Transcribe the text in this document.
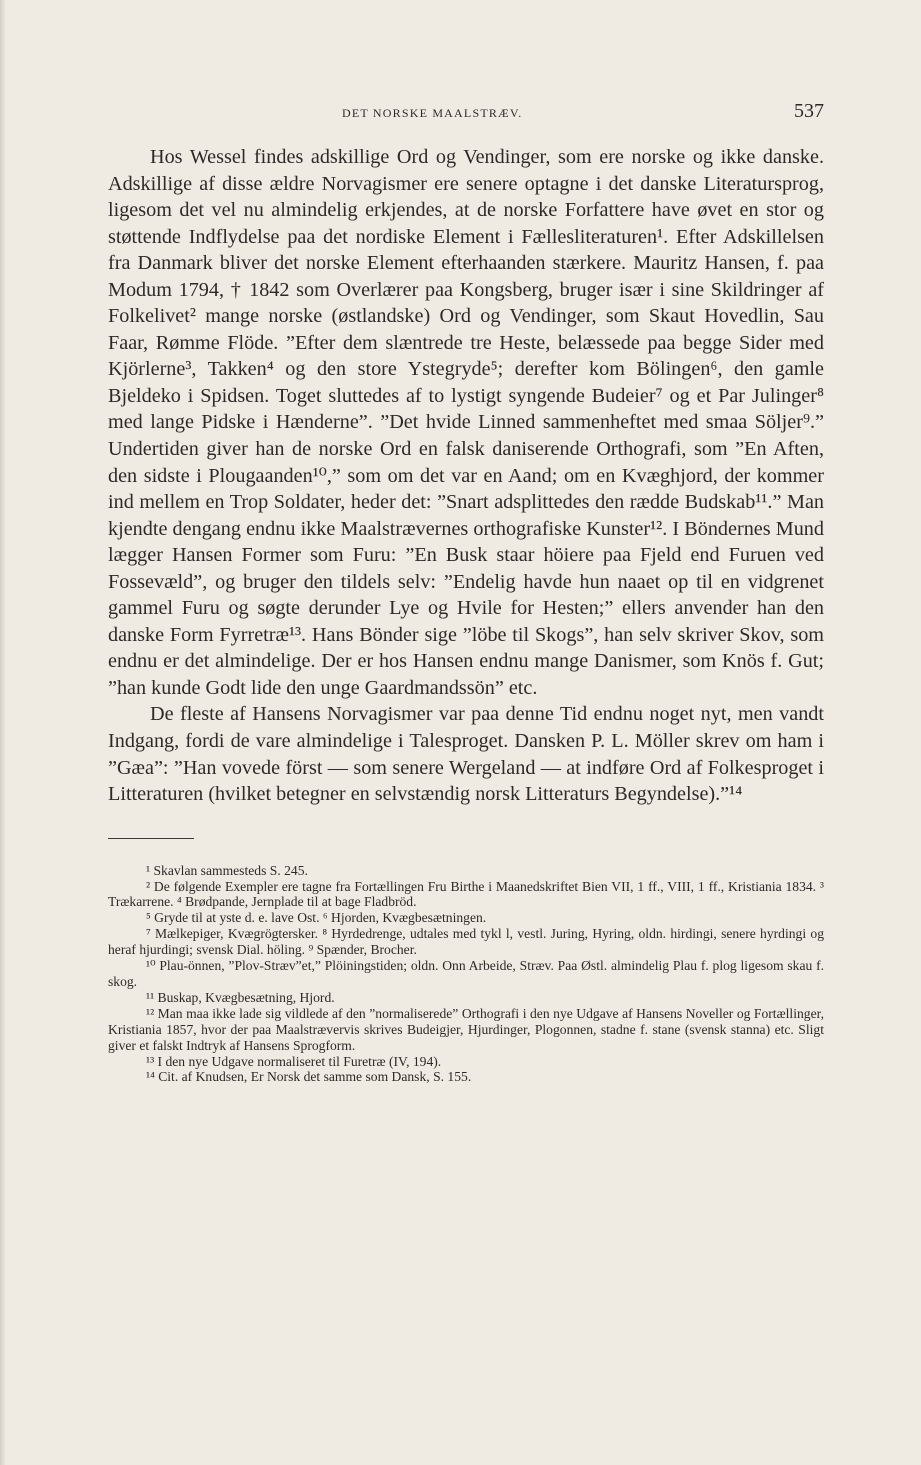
DET NORSKE MAALSTRÆV.	537

Hos Wessel findes adskillige Ord og Vendinger, som ere norske og ikke danske. Adskillige af disse ældre Norvagismer ere senere optagne i det danske Literatursprog, ligesom det vel nu almindelig erkjendes, at de norske Forfattere have øvet en stor og støttende Indflydelse paa det nordiske Element i Fællesliteraturen¹. Efter Adskillelsen fra Danmark bliver det norske Element efterhaanden stærkere. Mauritz Hansen, f. paa Modum 1794, † 1842 som Overlærer paa Kongsberg, bruger især i sine Skildringer af Folkelivet² mange norske (østlandske) Ord og Vendinger, som Skaut Hovedlin, Sau Faar, Rømme Flöde. ”Efter dem slæntrede tre Heste, belæssede paa begge Sider med Kjörlerne³, Takken⁴ og den store Ystegryde⁵; derefter kom Bölingen⁶, den gamle Bjeldeko i Spidsen. Toget sluttedes af to lystigt syngende Budeier⁷ og et Par Julinger⁸ med lange Pidske i Hænderne”. ”Det hvide Linned sammenheftet med smaa Söljer⁹.” Undertiden giver han de norske Ord en falsk daniserende Orthografi, som ”En Aften, den sidste i Plougaanden¹⁰,” som om det var en Aand; om en Kvæghjord, der kommer ind mellem en Trop Soldater, heder det: ”Snart adsplittedes den rædde Budskab¹¹.” Man kjendte dengang endnu ikke Maalstrævernes orthografiske Kunster¹². I Böndernes Mund lægger Hansen Former som Furu: ”En Busk staar höiere paa Fjeld end Furuen ved Fossevæld”, og bruger den tildels selv: ”Endelig havde hun naaet op til en vidgrenet gammel Furu og søgte derunder Lye og Hvile for Hesten;” ellers anvender han den danske Form Fyrretræ¹³. Hans Bönder sige ”löbe til Skogs”, han selv skriver Skov, som endnu er det almindelige. Der er hos Hansen endnu mange Danismer, som Knös f. Gut; ”han kunde Godt lide den unge Gaardmandssön” etc.

De fleste af Hansens Norvagismer var paa denne Tid endnu noget nyt, men vandt Indgang, fordi de vare almindelige i Talesproget. Dansken P. L. Möller skrev om ham i ”Gæa”: ”Han vovede först — som senere Wergeland — at indføre Ord af Folkesproget i Litteraturen (hvilket betegner en selvstændig norsk Litteraturs Begyndelse).”¹⁴

¹ Skavlan sammesteds S. 245.

² De følgende Exempler ere tagne fra Fortællingen Fru Birthe i Maanedskriftet Bien VII, 1 ff., VIII, 1 ff., Kristiania 1834. ³ Trækarrene. ⁴ Brødpande, Jernplade til at bage Fladbröd.

⁵ Gryde til at yste d. e. lave Ost. ⁶ Hjorden, Kvægbesætningen.

⁷ Mælkepiger, Kvægrögtersker. ⁸ Hyrdedrenge, udtales med tykl l, vestl. Juring, Hyring, oldn. hirdingi, senere hyrdingi og heraf hjurdingi; svensk Dial. höling. ⁹ Spænder, Brocher.

¹⁰ Plau-önnen, ”Plov-Stræv”et,” Plöiningstiden; oldn. Onn Arbeide, Stræv. Paa Østl. almindelig Plau f. plog ligesom skau f. skog.

¹¹ Buskap, Kvægbesætning, Hjord.

¹² Man maa ikke lade sig vildlede af den ”normaliserede” Orthografi i den nye Udgave af Hansens Noveller og Fortællinger, Kristiania 1857, hvor der paa Maalstrævervis skrives Budeigjer, Hjurdinger, Plogonnen, stadne f. stane (svensk stanna) etc. Sligt giver et falskt Indtryk af Hansens Sprogform.

¹³ I den nye Udgave normaliseret til Furetræ (IV, 194).

¹⁴ Cit. af Knudsen, Er Norsk det samme som Dansk, S. 155.
